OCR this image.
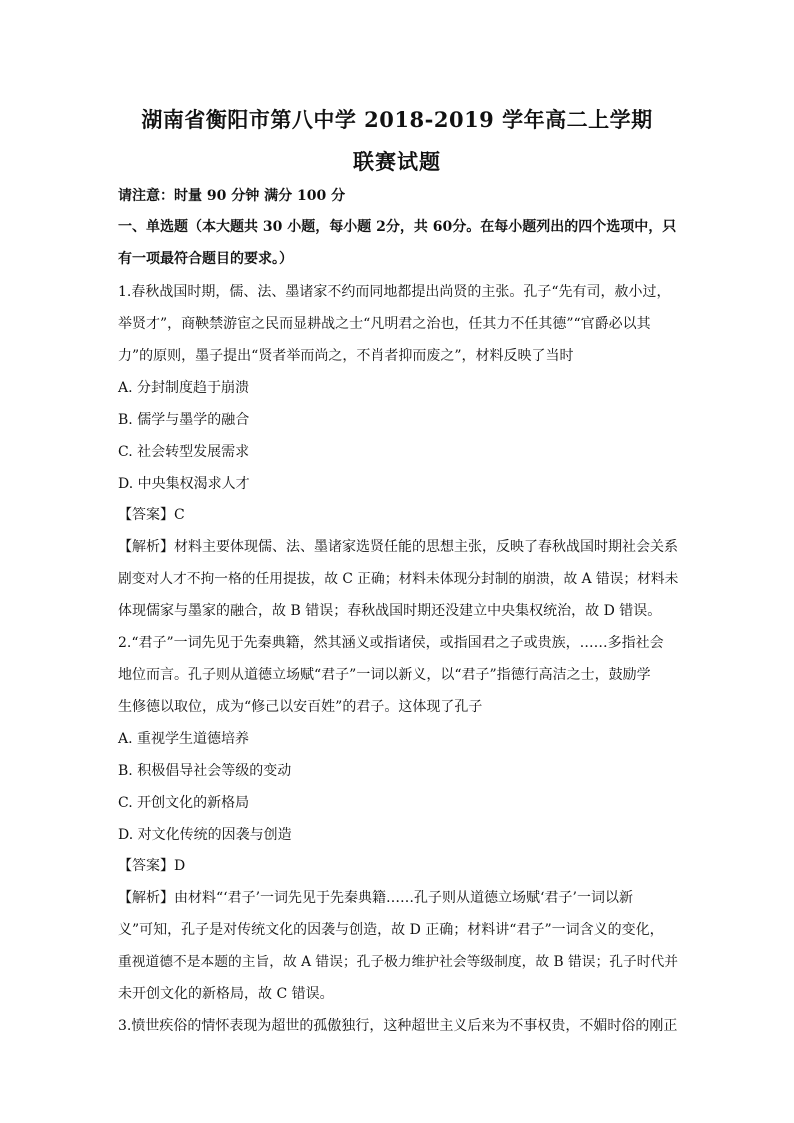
湖南省衡阳市第八中学 2018-2019 学年高二上学期
联赛试题
请注意：时量 90 分钟 满分 100 分
一、单选题（本大题共 30 小题，每小题 2分，共 60分。在每小题列出的四个选项中，只
有一项最符合题目的要求。）
1.春秋战国时期，儒、法、墨诸家不约而同地都提出尚贤的主张。孔子“先有司，赦小过，
举贤才”，商鞅禁游宦之民而显耕战之士“凡明君之治也，任其力不任其德”“官爵必以其
力”的原则，墨子提出“贤者举而尚之，不肖者抑而废之”，材料反映了当时
A. 分封制度趋于崩溃
B. 儒学与墨学的融合
C. 社会转型发展需求
D. 中央集权渴求人才
【答案】C
【解析】材料主要体现儒、法、墨诸家选贤任能的思想主张，反映了春秋战国时期社会关系
剧变对人才不拘一格的任用提拔，故 C 正确；材料未体现分封制的崩溃，故 A 错误；材料未
体现儒家与墨家的融合，故 B 错误；春秋战国时期还没建立中央集权统治，故 D 错误。
2.“君子”一词先见于先秦典籍，然其涵义或指诸侯，或指国君之子或贵族，……多指社会
地位而言。孔子则从道德立场赋“君子”一词以新义，以“君子”指德行高洁之士，鼓励学
生修德以取位，成为“修己以安百姓”的君子。这体现了孔子
A. 重视学生道德培养
B. 积极倡导社会等级的变动
C. 开创文化的新格局
D. 对文化传统的因袭与创造
【答案】D
【解析】由材料“‘君子’一词先见于先秦典籍……孔子则从道德立场赋‘君子’一词以新
义”可知，孔子是对传统文化的因袭与创造，故 D 正确；材料讲“君子”一词含义的变化，
重视道德不是本题的主旨，故 A 错误；孔子极力维护社会等级制度，故 B 错误；孔子时代并
未开创文化的新格局，故 C 错误。
3.愤世疾俗的情怀表现为超世的孤傲独行，这种超世主义后来为不事权贵，不媚时俗的刚正
